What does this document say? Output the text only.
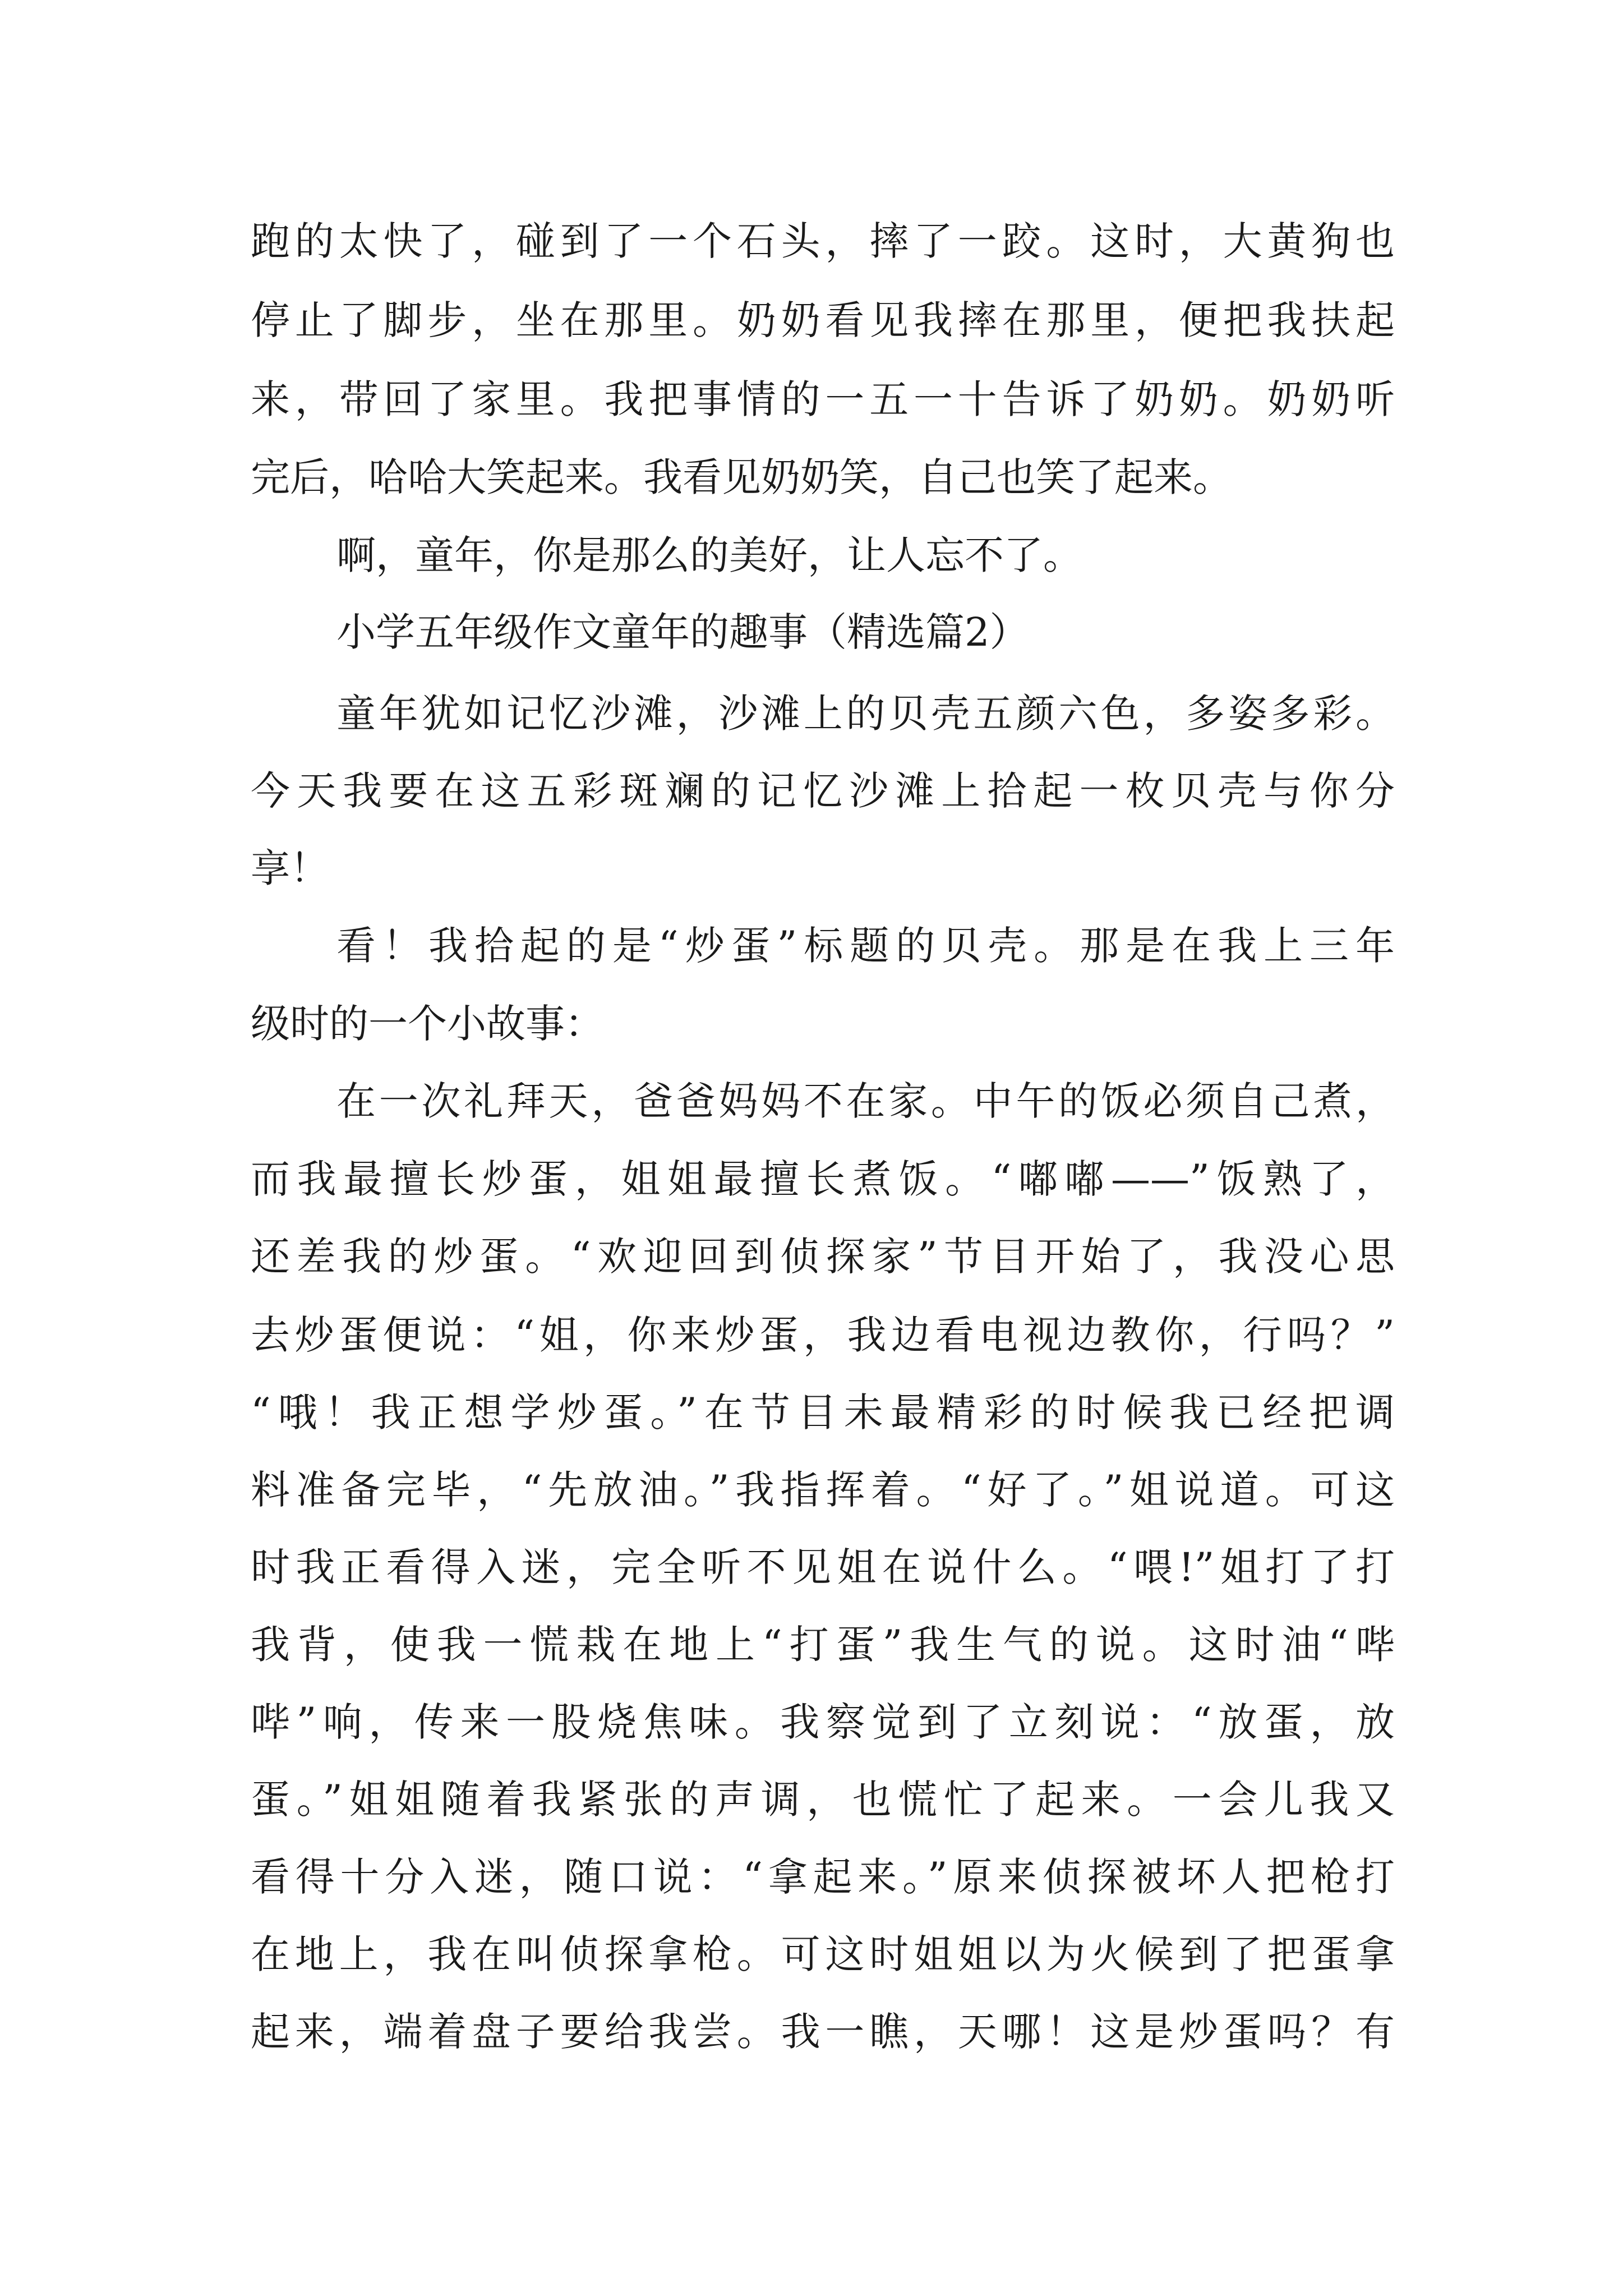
跑的太快了，碰到了一个石头，摔了一跤。这时，大黄狗也
停止了脚步，坐在那里。奶奶看见我摔在那里，便把我扶起
来，带回了家里。我把事情的一五一十告诉了奶奶。奶奶听
完后，哈哈大笑起来。我看见奶奶笑，自己也笑了起来。
啊，童年，你是那么的美好，让人忘不了。
小学五年级作文童年的趣事（精选篇2）
童年犹如记忆沙滩，沙滩上的贝壳五颜六色，多姿多彩。
今天我要在这五彩斑斓的记忆沙滩上拾起一枚贝壳与你分
享！
看！我拾起的是“炒蛋”标题的贝壳。那是在我上三年
级时的一个小故事：
在一次礼拜天，爸爸妈妈不在家。中午的饭必须自己煮，
而我最擅长炒蛋，姐姐最擅长煮饭。“嘟嘟——”饭熟了，
还差我的炒蛋。“欢迎回到侦探家”节目开始了，我没心思
去炒蛋便说：“姐，你来炒蛋，我边看电视边教你，行吗？”
“哦！我正想学炒蛋。”在节目未最精彩的时候我已经把调
料准备完毕，“先放油。”我指挥着。“好了。”姐说道。可这
时我正看得入迷，完全听不见姐在说什么。“喂!”姐打了打
我背，使我一慌栽在地上“打蛋”我生气的说。这时油“哔
哔”响，传来一股烧焦味。我察觉到了立刻说：“放蛋，放
蛋。”姐姐随着我紧张的声调，也慌忙了起来。一会儿我又
看得十分入迷，随口说：“拿起来。”原来侦探被坏人把枪打
在地上，我在叫侦探拿枪。可这时姐姐以为火候到了把蛋拿
起来，端着盘子要给我尝。我一瞧，天哪！这是炒蛋吗？有
